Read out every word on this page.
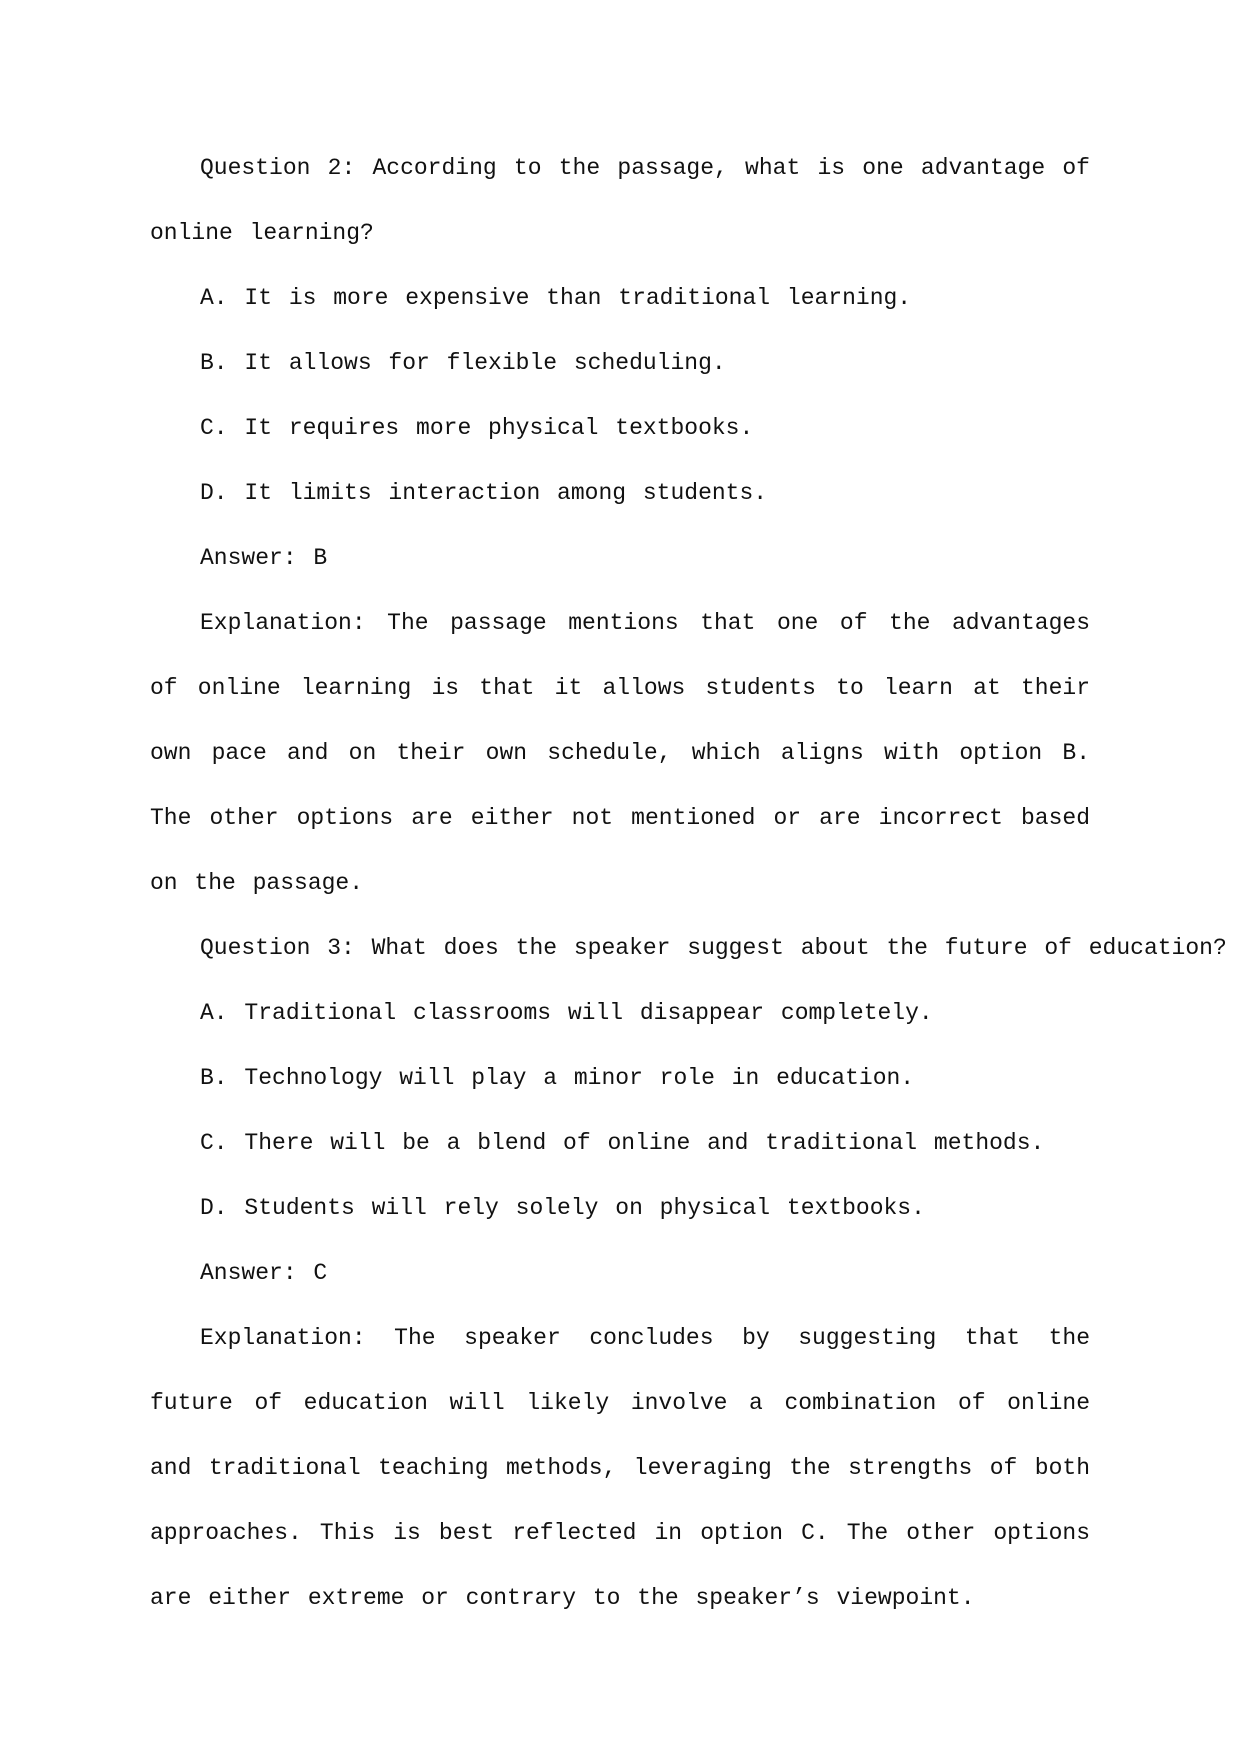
Question 2: According to the passage, what is one advantage of online learning?

A. It is more expensive than traditional learning.

B. It allows for flexible scheduling.

C. It requires more physical textbooks.

D. It limits interaction among students.

Answer: B

Explanation: The passage mentions that one of the advantages of online learning is that it allows students to learn at their own pace and on their own schedule, which aligns with option B. The other options are either not mentioned or are incorrect based on the passage.

Question 3: What does the speaker suggest about the future of education?

A. Traditional classrooms will disappear completely.

B. Technology will play a minor role in education.

C. There will be a blend of online and traditional methods.

D. Students will rely solely on physical textbooks.

Answer: C

Explanation: The speaker concludes by suggesting that the future of education will likely involve a combination of online and traditional teaching methods, leveraging the strengths of both approaches. This is best reflected in option C. The other options are either extreme or contrary to the speaker’s viewpoint.
